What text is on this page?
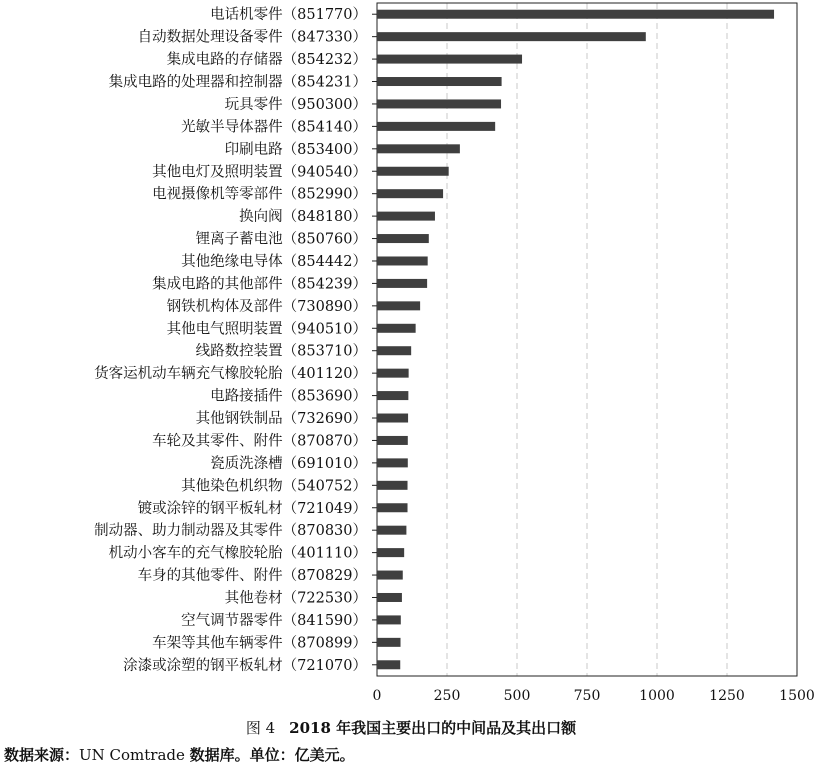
电话机零件（851770）
自动数据处理设备零件（847330）
集成电路的存储器（854232）
集成电路的处理器和控制器（854231）
玩具零件（950300）
光敏半导体器件（854140）
印刷电路（853400）
其他电灯及照明装置（940540）
电视摄像机等零部件（852990）
换向阀（848180）
锂离子蓄电池（850760）
其他绝缘电导体（854442）
集成电路的其他部件（854239）
钢铁机构体及部件（730890）
其他电气照明装置（940510）
线路数控装置（853710）
货客运机动车辆充气橡胶轮胎（401120）
电路接插件（853690）
其他钢铁制品（732690）
车轮及其零件、附件（870870）
瓷质洗涤槽（691010）
其他染色机织物（540752）
镀或涂锌的钢平板轧材（721049）
制动器、助力制动器及其零件（870830）
机动小客车的充气橡胶轮胎（401110）
车身的其他零件、附件（870829）
其他卷材（722530）
空气调节器零件（841590）
车架等其他车辆零件（870899）
涂漆或涂塑的钢平板轧材（721070）
0	250	500	750	1000 1250 1500
图 4 2018 年我国主要出口的中间品及其出口额
数据来源：UN Comtrade 数据库。单位：亿美元。
